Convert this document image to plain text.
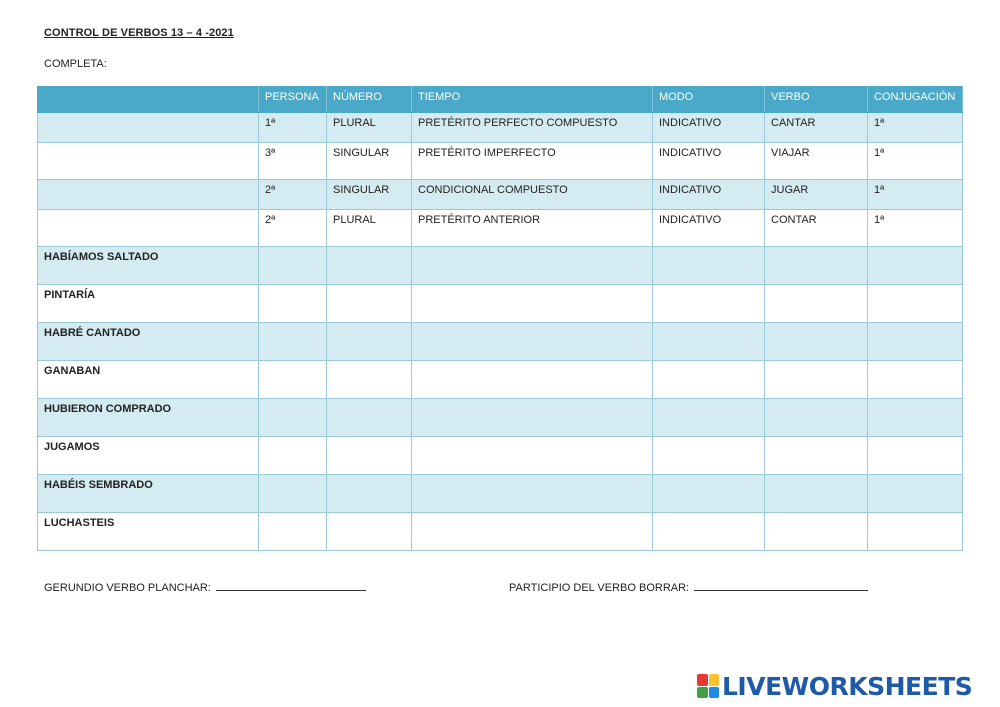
CONTROL DE VERBOS 13 – 4 -2021
COMPLETA:
	PERSONA	NÚMERO	TIEMPO	MODO	VERBO	CONJUGACIÓN
	1ª	PLURAL	PRETÉRITO PERFECTO COMPUESTO	INDICATIVO	CANTAR	1ª
	3ª	SINGULAR	PRETÉRITO IMPERFECTO	INDICATIVO	VIAJAR	1ª
	2ª	SINGULAR	CONDICIONAL COMPUESTO	INDICATIVO	JUGAR	1ª
	2ª	PLURAL	PRETÉRITO ANTERIOR	INDICATIVO	CONTAR	1ª
HABÍAMOS SALTADO						
PINTARÍA						
HABRÉ CANTADO						
GANABAN						
HUBIERON COMPRADO						
JUGAMOS						
HABÉIS SEMBRADO						
LUCHASTEIS						
GERUNDIO VERBO PLANCHAR:	PARTICIPIO DEL VERBO BORRAR:
LIVEWORKSHEETS
